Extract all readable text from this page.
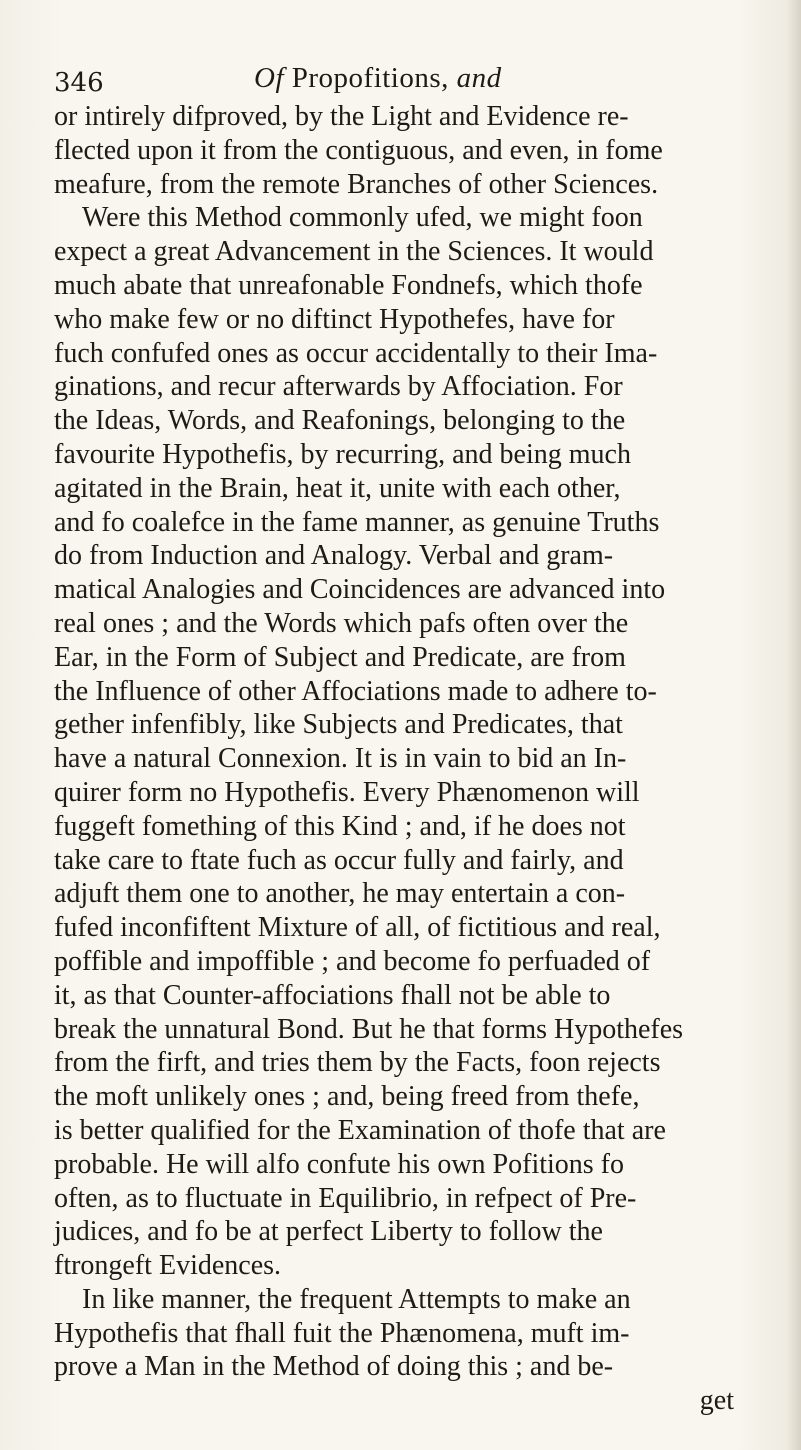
346	Of Propofitions, and
or intirely difproved, by the Light and Evidence re-
flected upon it from the contiguous, and even, in fome
meafure, from the remote Branches of other Sciences.
Were this Method commonly ufed, we might foon
expect a great Advancement in the Sciences. It would
much abate that unreafonable Fondnefs, which thofe
who make few or no diftinct Hypothefes, have for
fuch confufed ones as occur accidentally to their Ima-
ginations, and recur afterwards by Affociation. For
the Ideas, Words, and Reafonings, belonging to the
favourite Hypothefis, by recurring, and being much
agitated in the Brain, heat it, unite with each other,
and fo coalefce in the fame manner, as genuine Truths
do from Induction and Analogy. Verbal and gram-
matical Analogies and Coincidences are advanced into
real ones ; and the Words which pafs often over the
Ear, in the Form of Subject and Predicate, are from
the Influence of other Affociations made to adhere to-
gether infenfibly, like Subjects and Predicates, that
have a natural Connexion. It is in vain to bid an In-
quirer form no Hypothefis. Every Phænomenon will
fuggeft fomething of this Kind ; and, if he does not
take care to ftate fuch as occur fully and fairly, and
adjuft them one to another, he may entertain a con-
fufed inconfiftent Mixture of all, of fictitious and real,
poffible and impoffible ; and become fo perfuaded of
it, as that Counter-affociations fhall not be able to
break the unnatural Bond. But he that forms Hypothefes
from the firft, and tries them by the Facts, foon rejects
the moft unlikely ones ; and, being freed from thefe,
is better qualified for the Examination of thofe that are
probable. He will alfo confute his own Pofitions fo
often, as to fluctuate in Equilibrio, in refpect of Pre-
judices, and fo be at perfect Liberty to follow the
ftrongeft Evidences.
In like manner, the frequent Attempts to make an
Hypothefis that fhall fuit the Phænomena, muft im-
prove a Man in the Method of doing this ; and be-
get
